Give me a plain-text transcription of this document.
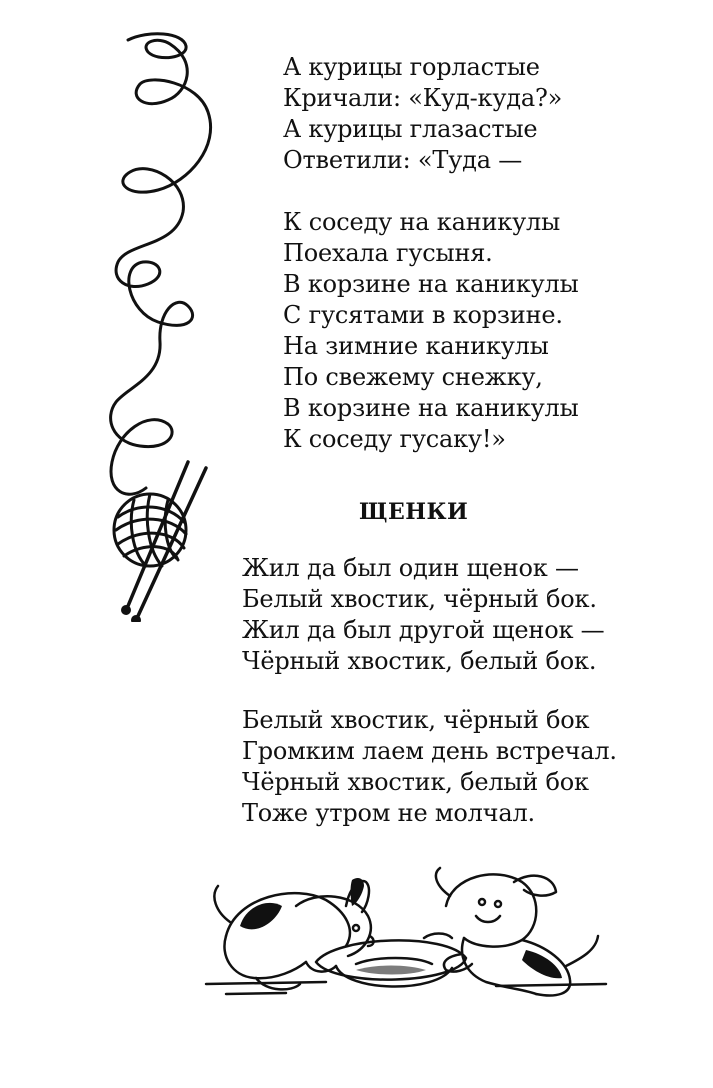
А курицы горластые
Кричали: «Куд-куда?»
А курицы глазастые
Ответили: «Туда —

К соседу на каникулы
Поехала гусыня.
В корзине на каникулы
С гусятами в корзине.
На зимние каникулы
По свежему снежку,
В корзине на каникулы
К соседу гусаку!»

ЩЕНКИ

Жил да был один щенок —
Белый хвостик, чёрный бок.
Жил да был другой щенок —
Чёрный хвостик, белый бок.

Белый хвостик, чёрный бок
Громким лаем день встречал.
Чёрный хвостик, белый бок
Тоже утром не молчал.
